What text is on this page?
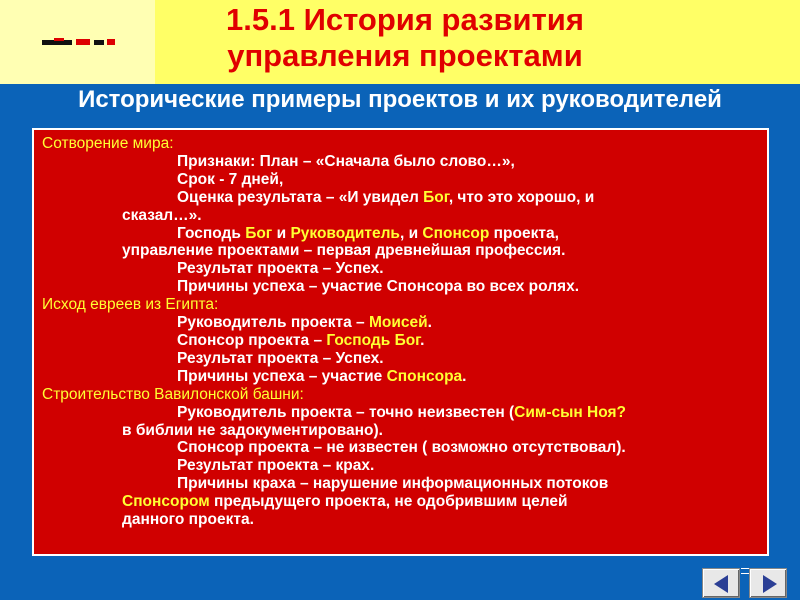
1.5.1 История развития
управления проектами
Исторические примеры проектов и их руководителей
Сотворение мира:
Признаки: План – «Сначала было слово…»,
Срок - 7 дней,
Оценка результата – «И увидел Бог, что это хорошо, и
сказал…».
Господь Бог и Руководитель, и Спонсор проекта,
управление проектами – первая древнейшая профессия.
Результат проекта – Успех.
Причины успеха – участие Спонсора во всех ролях.
Исход евреев из Египта:
Руководитель проекта – Моисей.
Спонсор проекта – Господь Бог.
Результат проекта – Успех.
Причины успеха – участие Спонсора.
Строительство Вавилонской башни:
Руководитель проекта – точно неизвестен (Сим-сын Ноя?
в библии не задокументировано).
Спонсор проекта – не известен ( возможно отсутствовал).
Результат проекта – крах.
Причины краха – нарушение информационных потоков
Спонсором предыдущего проекта, не одобрившим целей
данного проекта.
